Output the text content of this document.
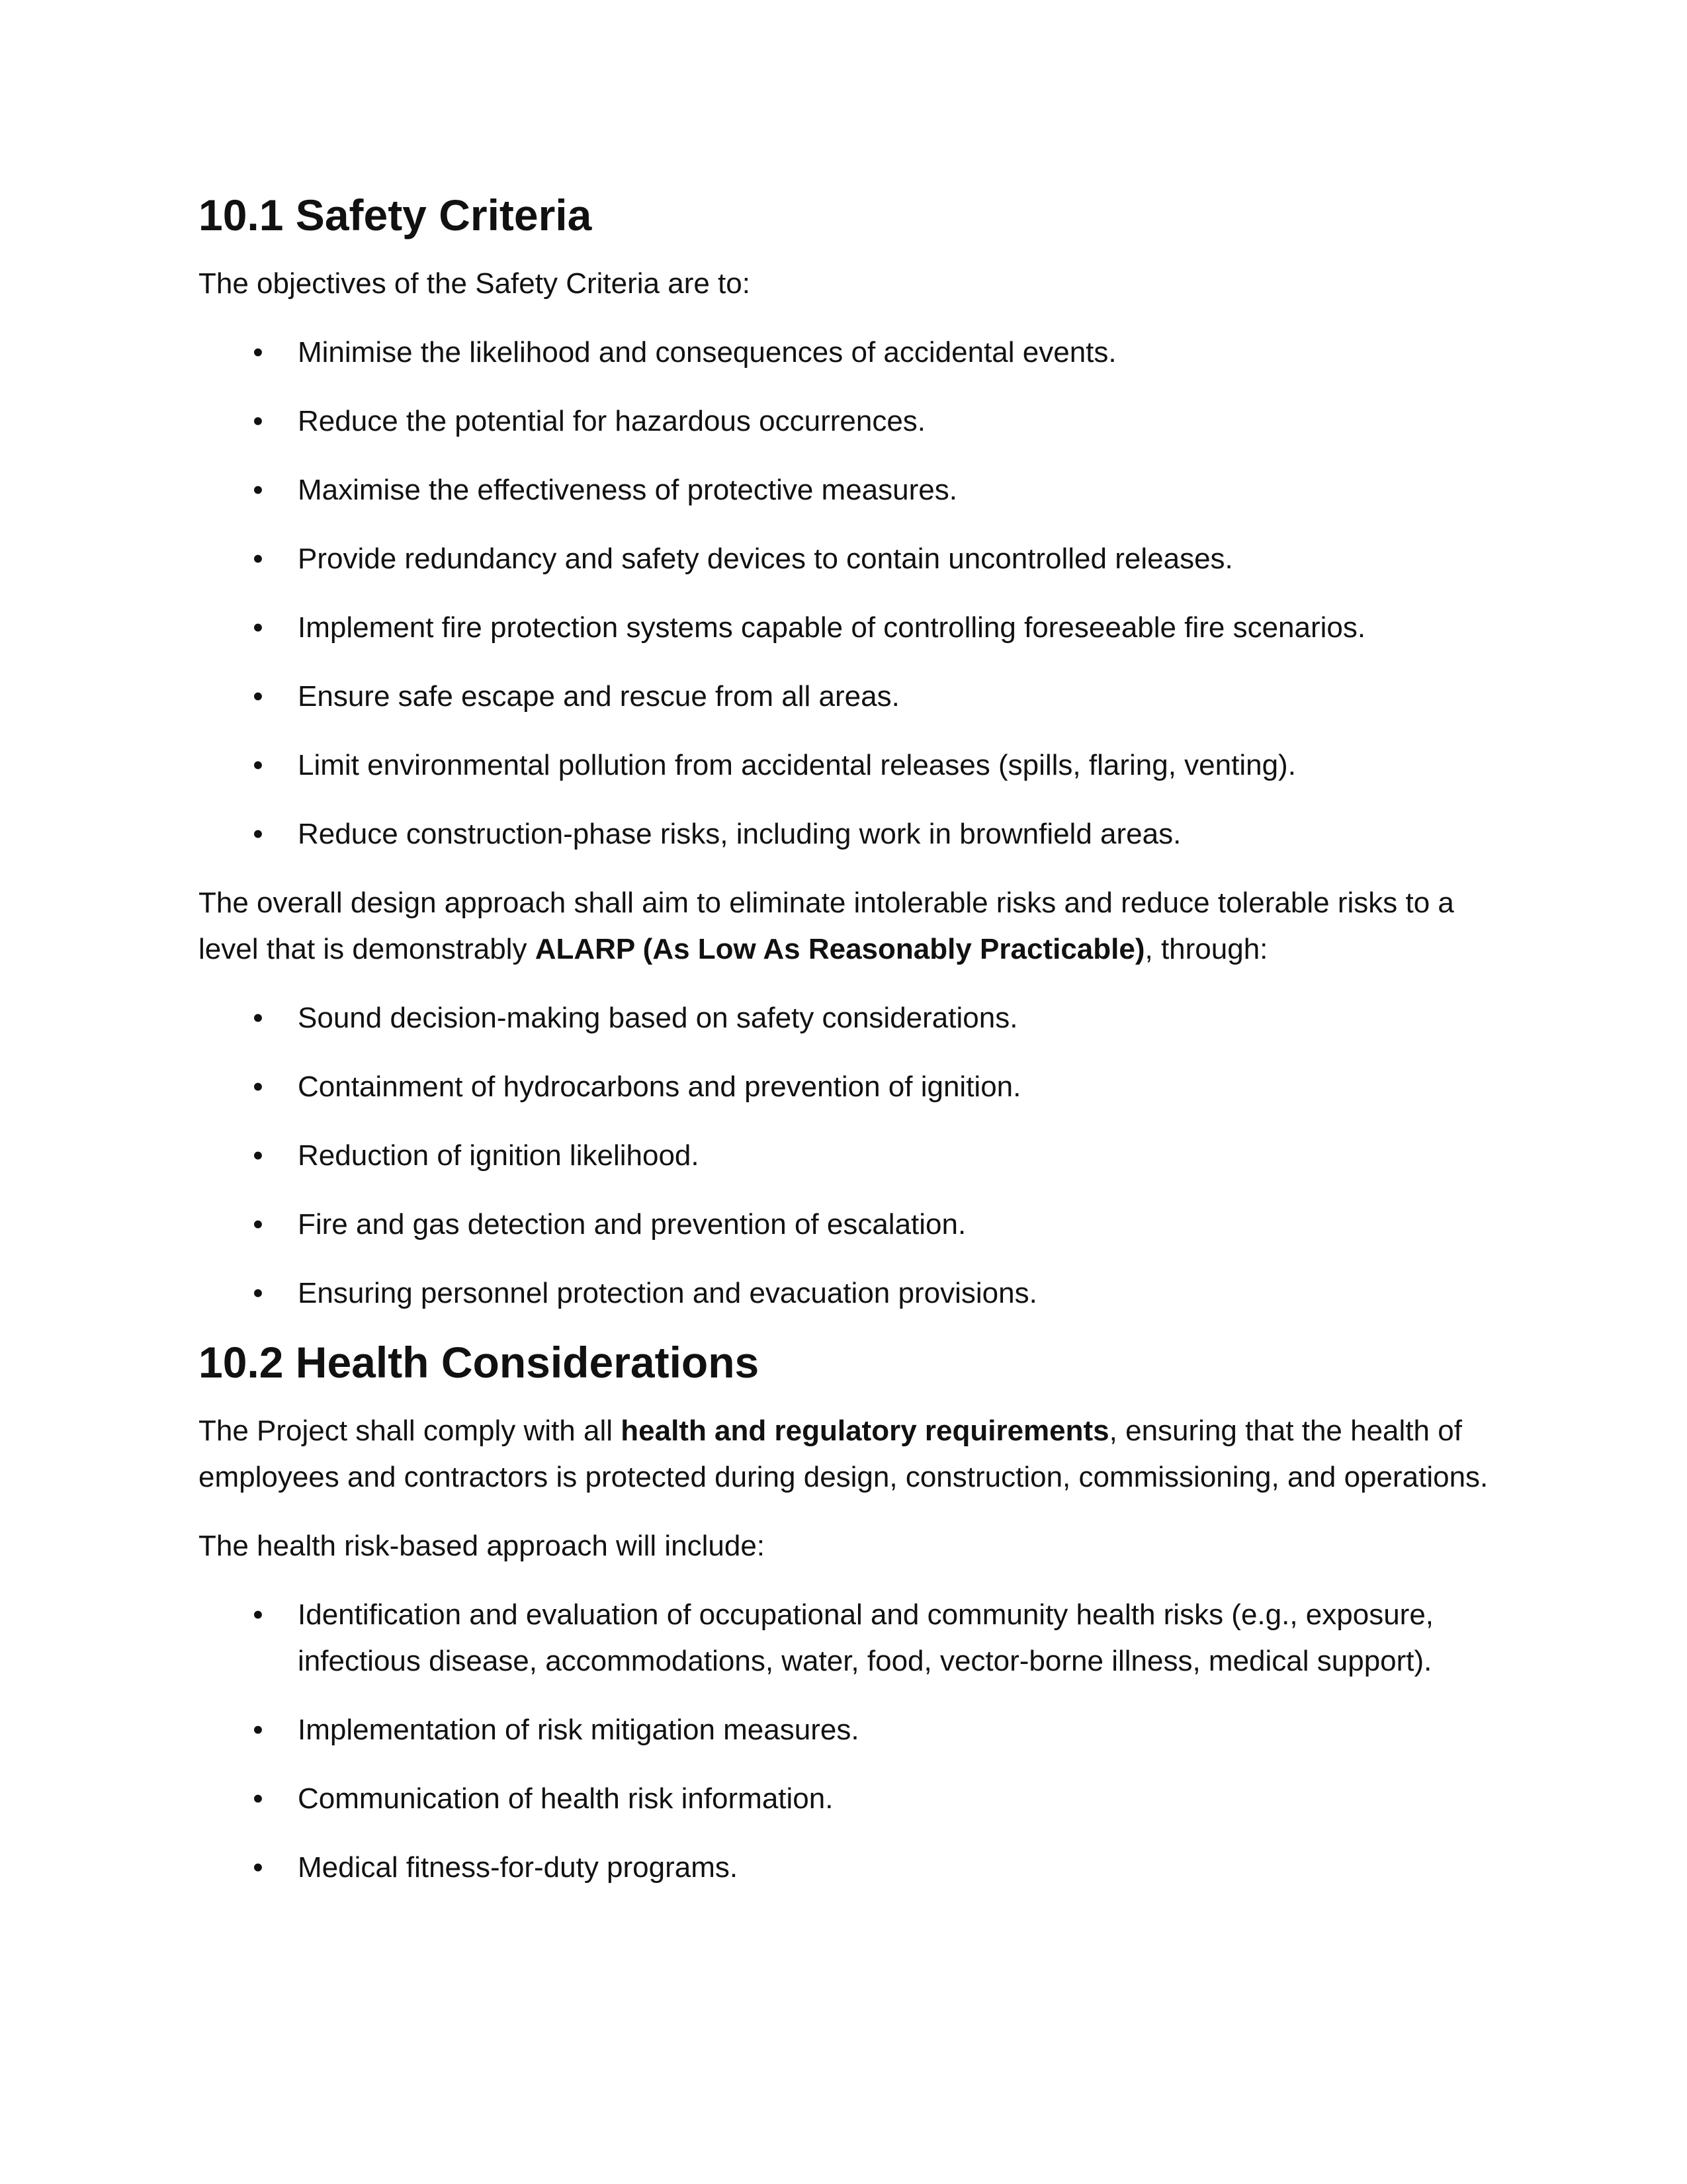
10.1 Safety Criteria

The objectives of the Safety Criteria are to:

• Minimise the likelihood and consequences of accidental events.
• Reduce the potential for hazardous occurrences.
• Maximise the effectiveness of protective measures.
• Provide redundancy and safety devices to contain uncontrolled releases.
• Implement fire protection systems capable of controlling foreseeable fire scenarios.
• Ensure safe escape and rescue from all areas.
• Limit environmental pollution from accidental releases (spills, flaring, venting).
• Reduce construction-phase risks, including work in brownfield areas.

The overall design approach shall aim to eliminate intolerable risks and reduce tolerable risks to a level that is demonstrably ALARP (As Low As Reasonably Practicable), through:

• Sound decision-making based on safety considerations.
• Containment of hydrocarbons and prevention of ignition.
• Reduction of ignition likelihood.
• Fire and gas detection and prevention of escalation.
• Ensuring personnel protection and evacuation provisions.
10.2 Health Considerations

The Project shall comply with all health and regulatory requirements, ensuring that the health of employees and contractors is protected during design, construction, commissioning, and operations.

The health risk-based approach will include:

• Identification and evaluation of occupational and community health risks (e.g., exposure, infectious disease, accommodations, water, food, vector-borne illness, medical support).
• Implementation of risk mitigation measures.
• Communication of health risk information.
• Medical fitness-for-duty programs.
